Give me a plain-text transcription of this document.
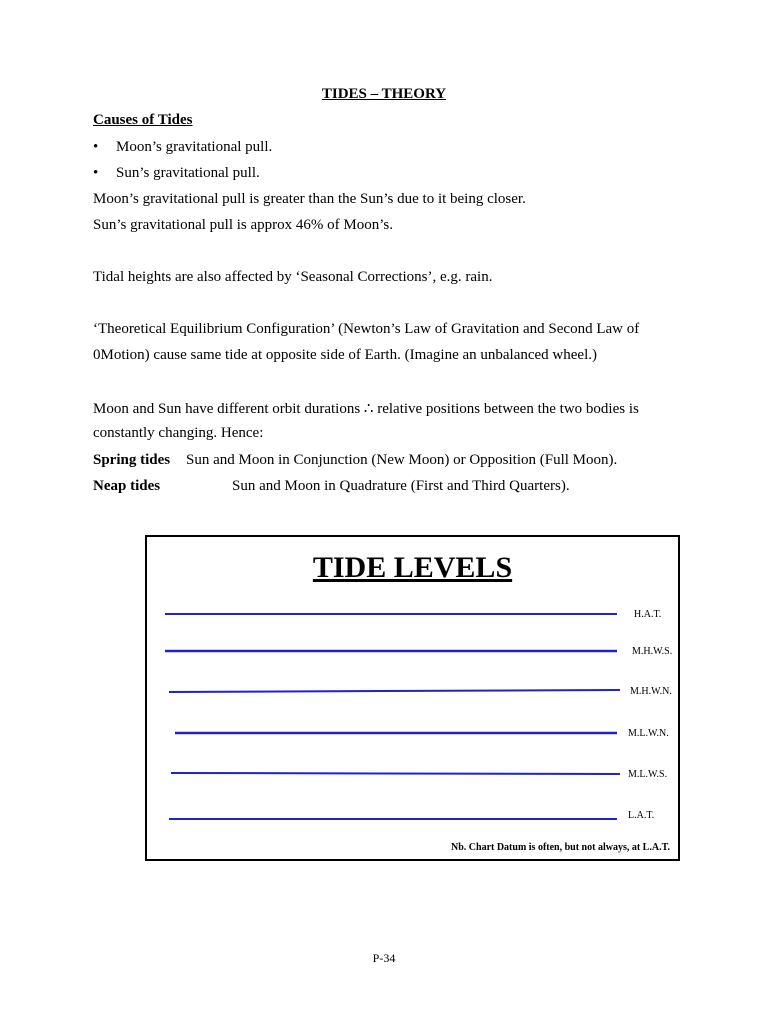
TIDES – THEORY
Causes of Tides
• Moon’s gravitational pull.
• Sun’s gravitational pull.
Moon’s gravitational pull is greater than the Sun’s due to it being closer.
Sun’s gravitational pull is approx 46% of Moon’s.
Tidal heights are also affected by ‘Seasonal Corrections’, e.g. rain.
‘Theoretical Equilibrium Configuration’ (Newton’s Law of Gravitation and Second Law of
0Motion) cause same tide at opposite side of Earth. (Imagine an unbalanced wheel.)
Moon and Sun have different orbit durations ∴ relative positions between the two bodies is
constantly changing. Hence:
Spring tides Sun and Moon in Conjunction (New Moon) or Opposition (Full Moon).
Neap tides	Sun and Moon in Quadrature (First and Third Quarters).
TIDE LEVELS
H.A.T.
M.H.W.S.
M.H.W.N.
M.L.W.N.
M.L.W.S.
L.A.T.
Nb. Chart Datum is often, but not always, at L.A.T.
P-34
